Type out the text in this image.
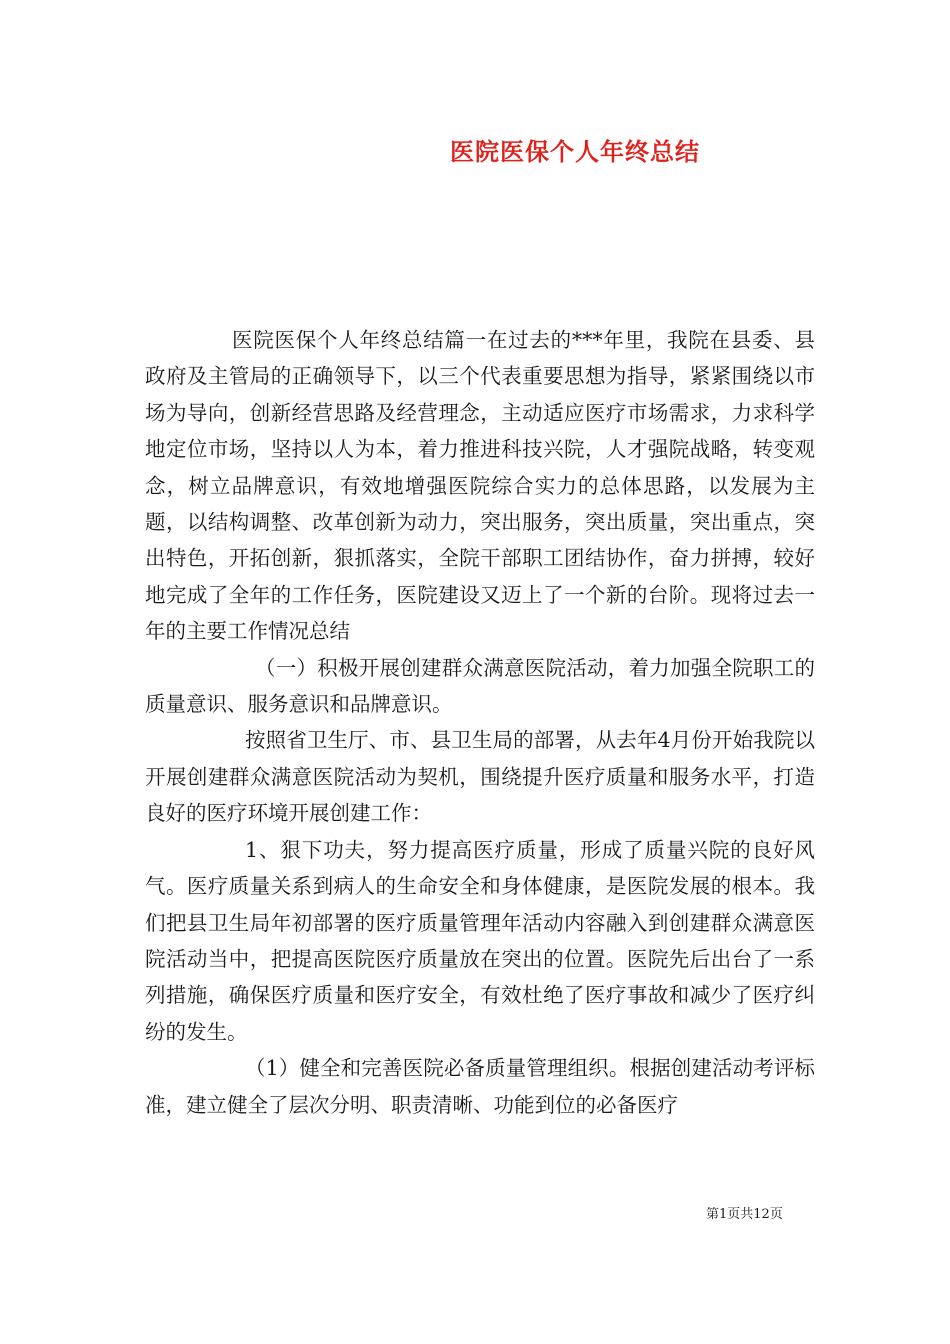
医院医保个人年终总结

医院医保个人年终总结篇一在过去的***年里，我院在县委、县政府及主管局的正确领导下，以三个代表重要思想为指导，紧紧围绕以市场为导向，创新经营思路及经营理念，主动适应医疗市场需求，力求科学地定位市场，坚持以人为本，着力推进科技兴院，人才强院战略，转变观念，树立品牌意识，有效地增强医院综合实力的总体思路，以发展为主题，以结构调整、改革创新为动力，突出服务，突出质量，突出重点，突出特色，开拓创新，狠抓落实，全院干部职工团结协作，奋力拼搏，较好地完成了全年的工作任务，医院建设又迈上了一个新的台阶。现将过去一年的主要工作情况总结

（一）积极开展创建群众满意医院活动，着力加强全院职工的质量意识、服务意识和品牌意识。

按照省卫生厅、市、县卫生局的部署，从去年4月份开始我院以开展创建群众满意医院活动为契机，围绕提升医疗质量和服务水平，打造良好的医疗环境开展创建工作：

1、狠下功夫，努力提高医疗质量，形成了质量兴院的良好风气。医疗质量关系到病人的生命安全和身体健康，是医院发展的根本。我们把县卫生局年初部署的医疗质量管理年活动内容融入到创建群众满意医院活动当中，把提高医院医疗质量放在突出的位置。医院先后出台了一系列措施，确保医疗质量和医疗安全，有效杜绝了医疗事故和减少了医疗纠纷的发生。

（1）健全和完善医院必备质量管理组织。根据创建活动考评标准，建立健全了层次分明、职责清晰、功能到位的必备医疗

第1页共12页
